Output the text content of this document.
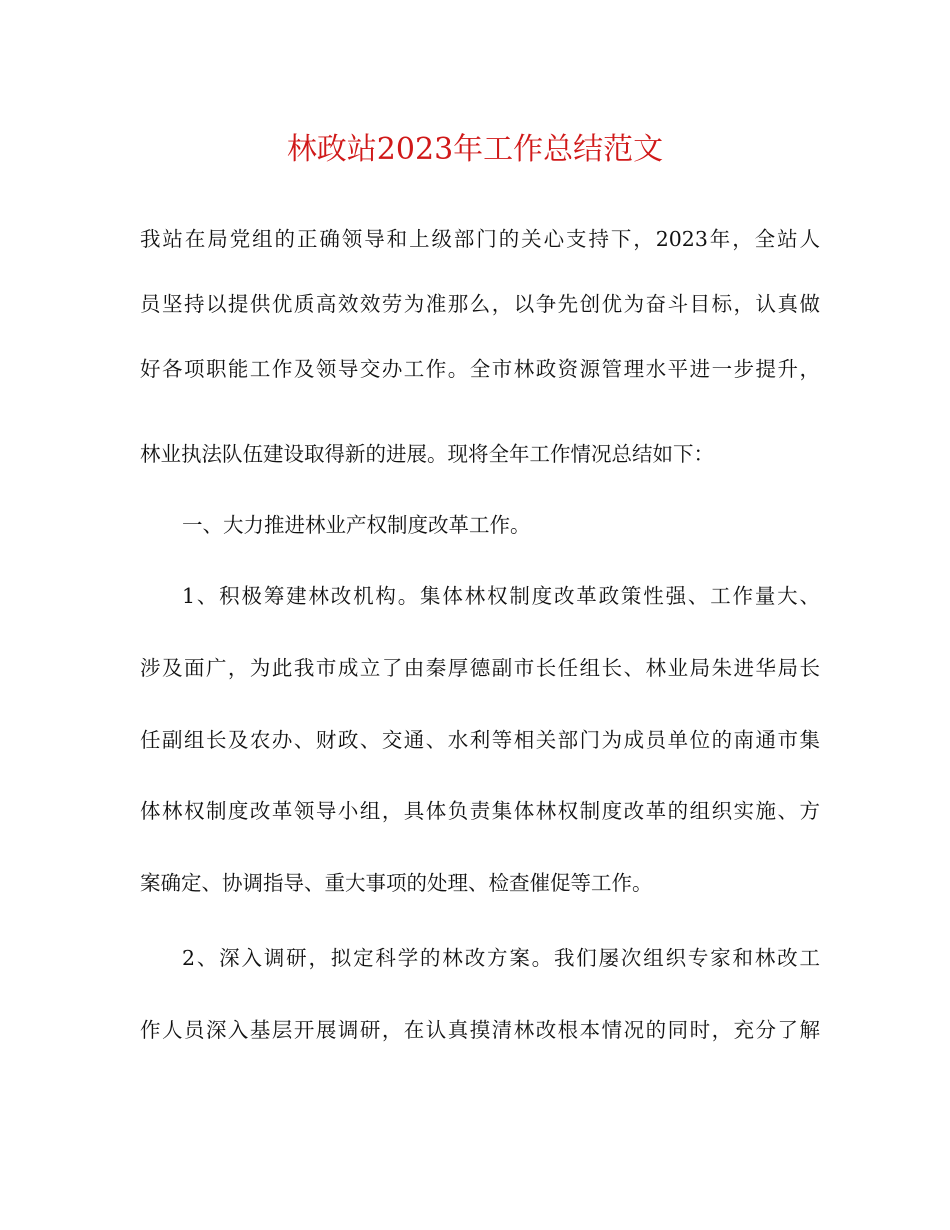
林政站2023年工作总结范文
我站在局党组的正确领导和上级部门的关心支持下，2023年，全站人
员坚持以提供优质高效效劳为准那么，以争先创优为奋斗目标，认真做
好各项职能工作及领导交办工作。全市林政资源管理水平进一步提升，
林业执法队伍建设取得新的进展。现将全年工作情况总结如下：
一、大力推进林业产权制度改革工作。
1、积极筹建林改机构。集体林权制度改革政策性强、工作量大、
涉及面广，为此我市成立了由秦厚德副市长任组长、林业局朱进华局长
任副组长及农办、财政、交通、水利等相关部门为成员单位的南通市集
体林权制度改革领导小组，具体负责集体林权制度改革的组织实施、方
案确定、协调指导、重大事项的处理、检查催促等工作。
2、深入调研，拟定科学的林改方案。我们屡次组织专家和林改工
作人员深入基层开展调研，在认真摸清林改根本情况的同时，充分了解
